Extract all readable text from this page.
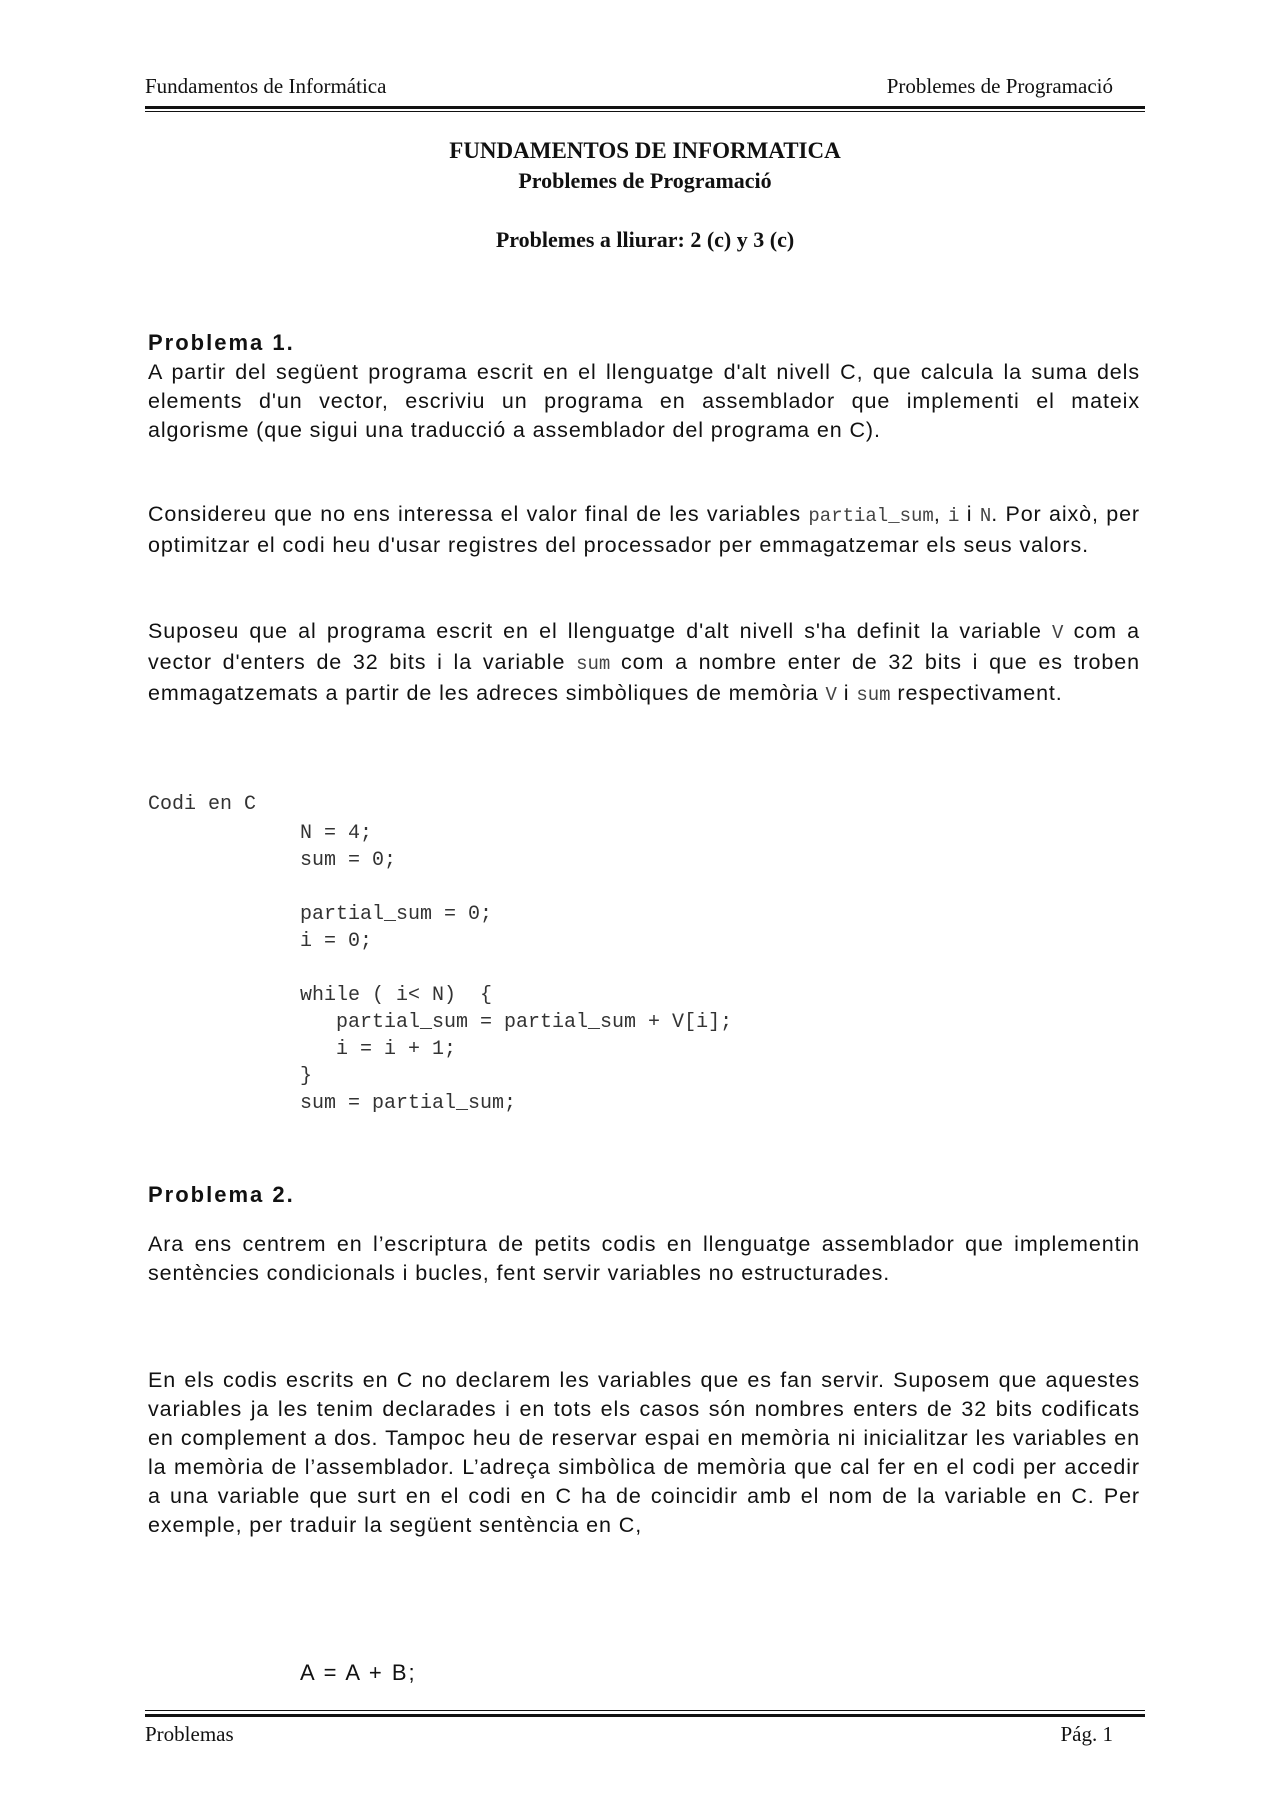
Fundamentos de Informática	Problemes de Programació
FUNDAMENTOS DE INFORMATICA
Problemes de Programació
Problemes a lliurar: 2 (c) y 3 (c)
Problema 1.

A partir del següent programa escrit en el llenguatge d'alt nivell C, que calcula la suma dels elements d'un vector, escriviu un programa en assemblador que implementi el mateix algorisme (que sigui una traducció a assemblador del programa en C).

Considereu que no ens interessa el valor final de les variables partial_sum, i i N. Por això, per optimitzar el codi heu d'usar registres del processador per emmagatzemar els seus valors.

Suposeu que al programa escrit en el llenguatge d'alt nivell s'ha definit la variable V com a vector d'enters de 32 bits i la variable sum com a nombre enter de 32 bits i que es troben emmagatzemats a partir de les adreces simbòliques de memòria V i sum respectivament.

Codi en C
N = 4;
sum = 0;
partial_sum = 0;
i = 0;
while ( i< N)  {
partial_sum = partial_sum + V[i];
i = i + 1;
}
sum = partial_sum;
Problema 2.

Ara ens centrem en l’escriptura de petits codis en llenguatge assemblador que implementin sentències condicionals i bucles, fent servir variables no estructurades.

En els codis escrits en C no declarem les variables que es fan servir. Suposem que aquestes variables ja les tenim declarades i en tots els casos són nombres enters de 32 bits codificats en complement a dos. Tampoc heu de reservar espai en memòria ni inicialitzar les variables en la memòria de l’assemblador. L’adreça simbòlica de memòria que cal fer en el codi per accedir a una variable que surt en el codi en C ha de coincidir amb el nom de la variable en C. Per exemple, per traduir la següent sentència en C,

A = A + B;
Problemas	Pág. 1
